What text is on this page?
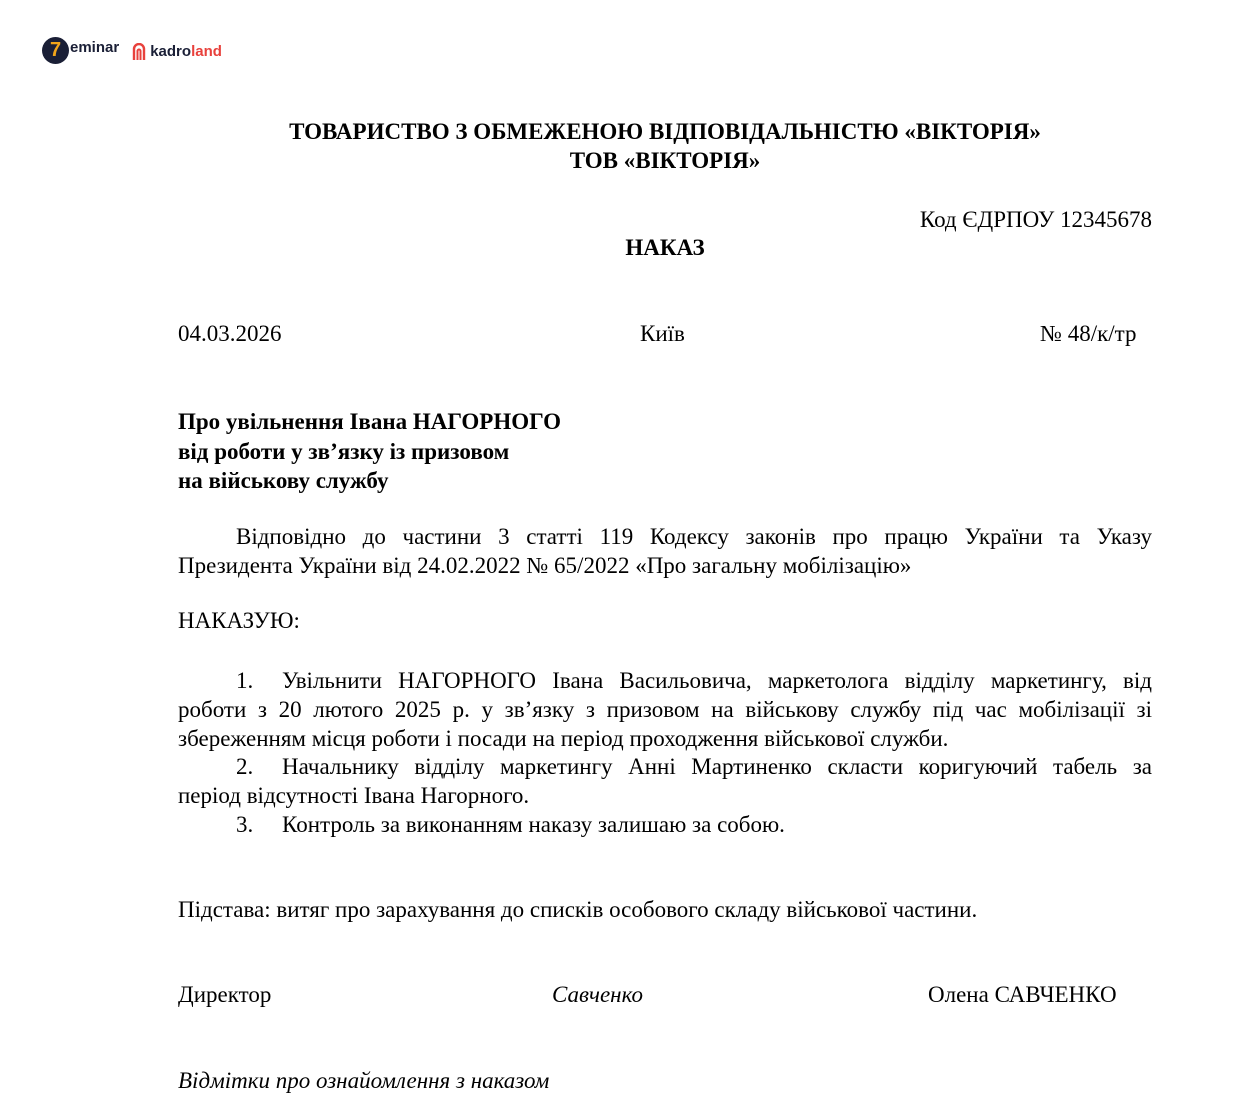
7 eminar kadroland
ТОВАРИСТВО З ОБМЕЖЕНОЮ ВІДПОВІДАЛЬНІСТЮ «ВІКТОРІЯ»
ТОВ «ВІКТОРІЯ»
Код ЄДРПОУ 12345678
НАКАЗ
04.03.2026	Київ	№ 48/к/тр
Про увільнення Івана НАГОРНОГО
від роботи у зв’язку із призовом
на військову службу
Відповідно до частини 3 статті 119 Кодексу законів про працю України та Указу
Президента України від 24.02.2022 № 65/2022 «Про загальну мобілізацію»
НАКАЗУЮ:
1. Увільнити НАГОРНОГО Івана Васильовича, маркетолога відділу маркетингу, від
роботи з 20 лютого 2025 р. у зв’язку з призовом на військову службу під час мобілізації зі збереженням місця роботи і посади на період проходження військової служби.
2. Начальнику відділу маркетингу Анні Мартиненко скласти коригуючий табель за
період відсутності Івана Нагорного.
3. Контроль за виконанням наказу залишаю за собою.
Підстава: витяг про зарахування до списків особового складу військової частини.
Директор	Савченко	Олена САВЧЕНКО
Відмітки про ознайомлення з наказом
